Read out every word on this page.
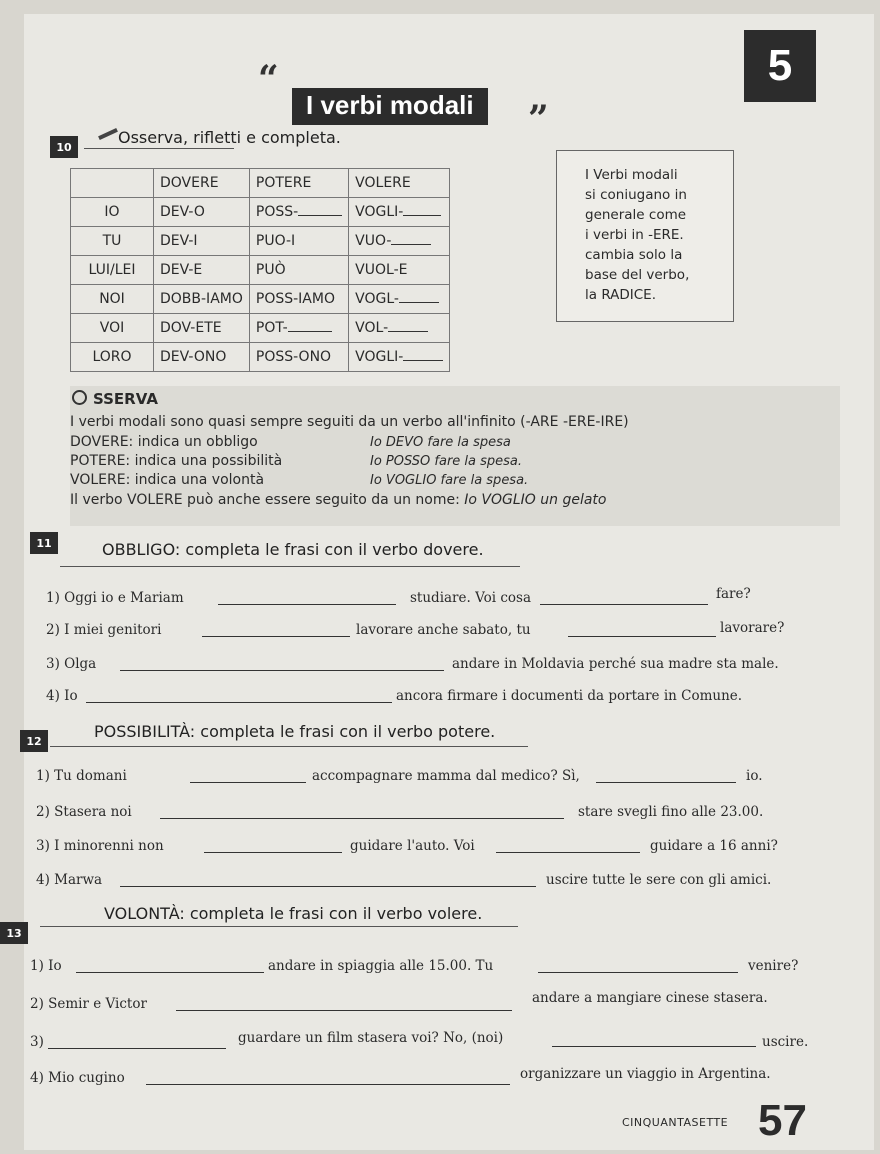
5
“
I verbi modali	”
10	Osserva, rifletti e completa.
	DOVERE	POTERE	VOLERE
IO	DEV-O	POSS-	VOGLI-
TU	DEV-I	PUO-I	VUO-
LUI/LEI	DEV-E	PUÒ	VUOL-E
NOI	DOBB-IAMO	POSS-IAMO	VOGL-
VOI	DOV-ETE	POT-	VOL-
LORO	DEV-ONO	POSS-ONO	VOGLI-

I Verbi modali
si coniugano in
generale come
i verbi in -ERE.
cambia solo la
base del verbo,
la RADICE.

SSERVA
I verbi modali sono quasi sempre seguiti da un verbo all'infinito (-ARE -ERE-IRE)
DOVERE: indica un obbligo	Io DEVO fare la spesa
POTERE: indica una possibilità	Io POSSO fare la spesa.
VOLERE: indica una volontà	Io VOGLIO fare la spesa.
Il verbo VOLERE può anche essere seguito da un nome: Io VOGLIO un gelato
11	OBBLIGO: completa le frasi con il verbo dovere.
1) Oggi io e Mariam	studiare. Voi cosa	fare?
2) I miei genitori	lavorare anche sabato, tu	lavorare?
3) Olga	andare in Moldavia perché sua madre sta male.
4) Io	ancora firmare i documenti da portare in Comune.
12	POSSIBILITÀ: completa le frasi con il verbo potere.
1) Tu domani	accompagnare mamma dal medico? Sì,	io.
2) Stasera noi	stare svegli fino alle 23.00.
3) I minorenni non	guidare l'auto. Voi	guidare a 16 anni?
4) Marwa	uscire tutte le sere con gli amici.
13
VOLONTÀ: completa le frasi con il verbo volere.
1) Io	andare in spiaggia alle 15.00. Tu	venire?
2) Semir e Victor	andare a mangiare cinese stasera.
3)	guardare un film stasera voi? No, (noi)	uscire.
4) Mio cugino	organizzare un viaggio in Argentina.
CINQUANTASETTE 57
